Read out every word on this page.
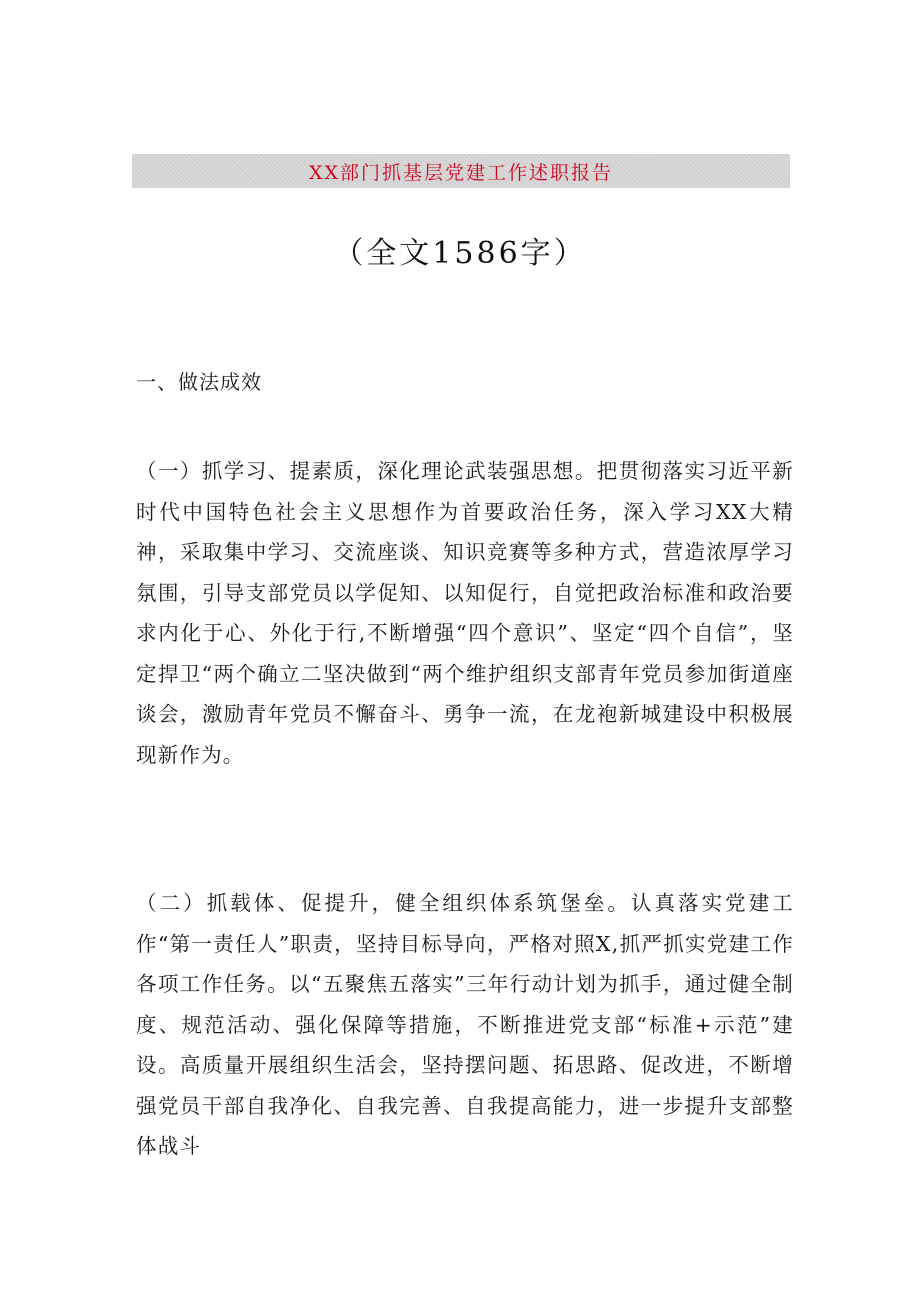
XX部门抓基层党建工作述职报告
（全文1586字）
一、做法成效

（一）抓学习、提素质，深化理论武装强思想。把贯彻落实习近平新时代中国特色社会主义思想作为首要政治任务，深入学习XX大精神，采取集中学习、交流座谈、知识竞赛等多种方式，营造浓厚学习氛围，引导支部党员以学促知、以知促行，自觉把政治标准和政治要求内化于心、外化于行,不断增强“四个意识”、坚定“四个自信”，坚定捍卫“两个确立二坚决做到“两个维护组织支部青年党员参加街道座谈会，激励青年党员不懈奋斗、勇争一流，在龙袍新城建设中积极展现新作为。

（二）抓载体、促提升，健全组织体系筑堡垒。认真落实党建工作“第一责任人”职责，坚持目标导向，严格对照X,抓严抓实党建工作各项工作任务。以“五聚焦五落实”三年行动计划为抓手，通过健全制度、规范活动、强化保障等措施，不断推进党支部“标准+示范”建设。高质量开展组织生活会，坚持摆问题、拓思路、促改进，不断增强党员干部自我净化、自我完善、自我提高能力，进一步提升支部整体战斗
